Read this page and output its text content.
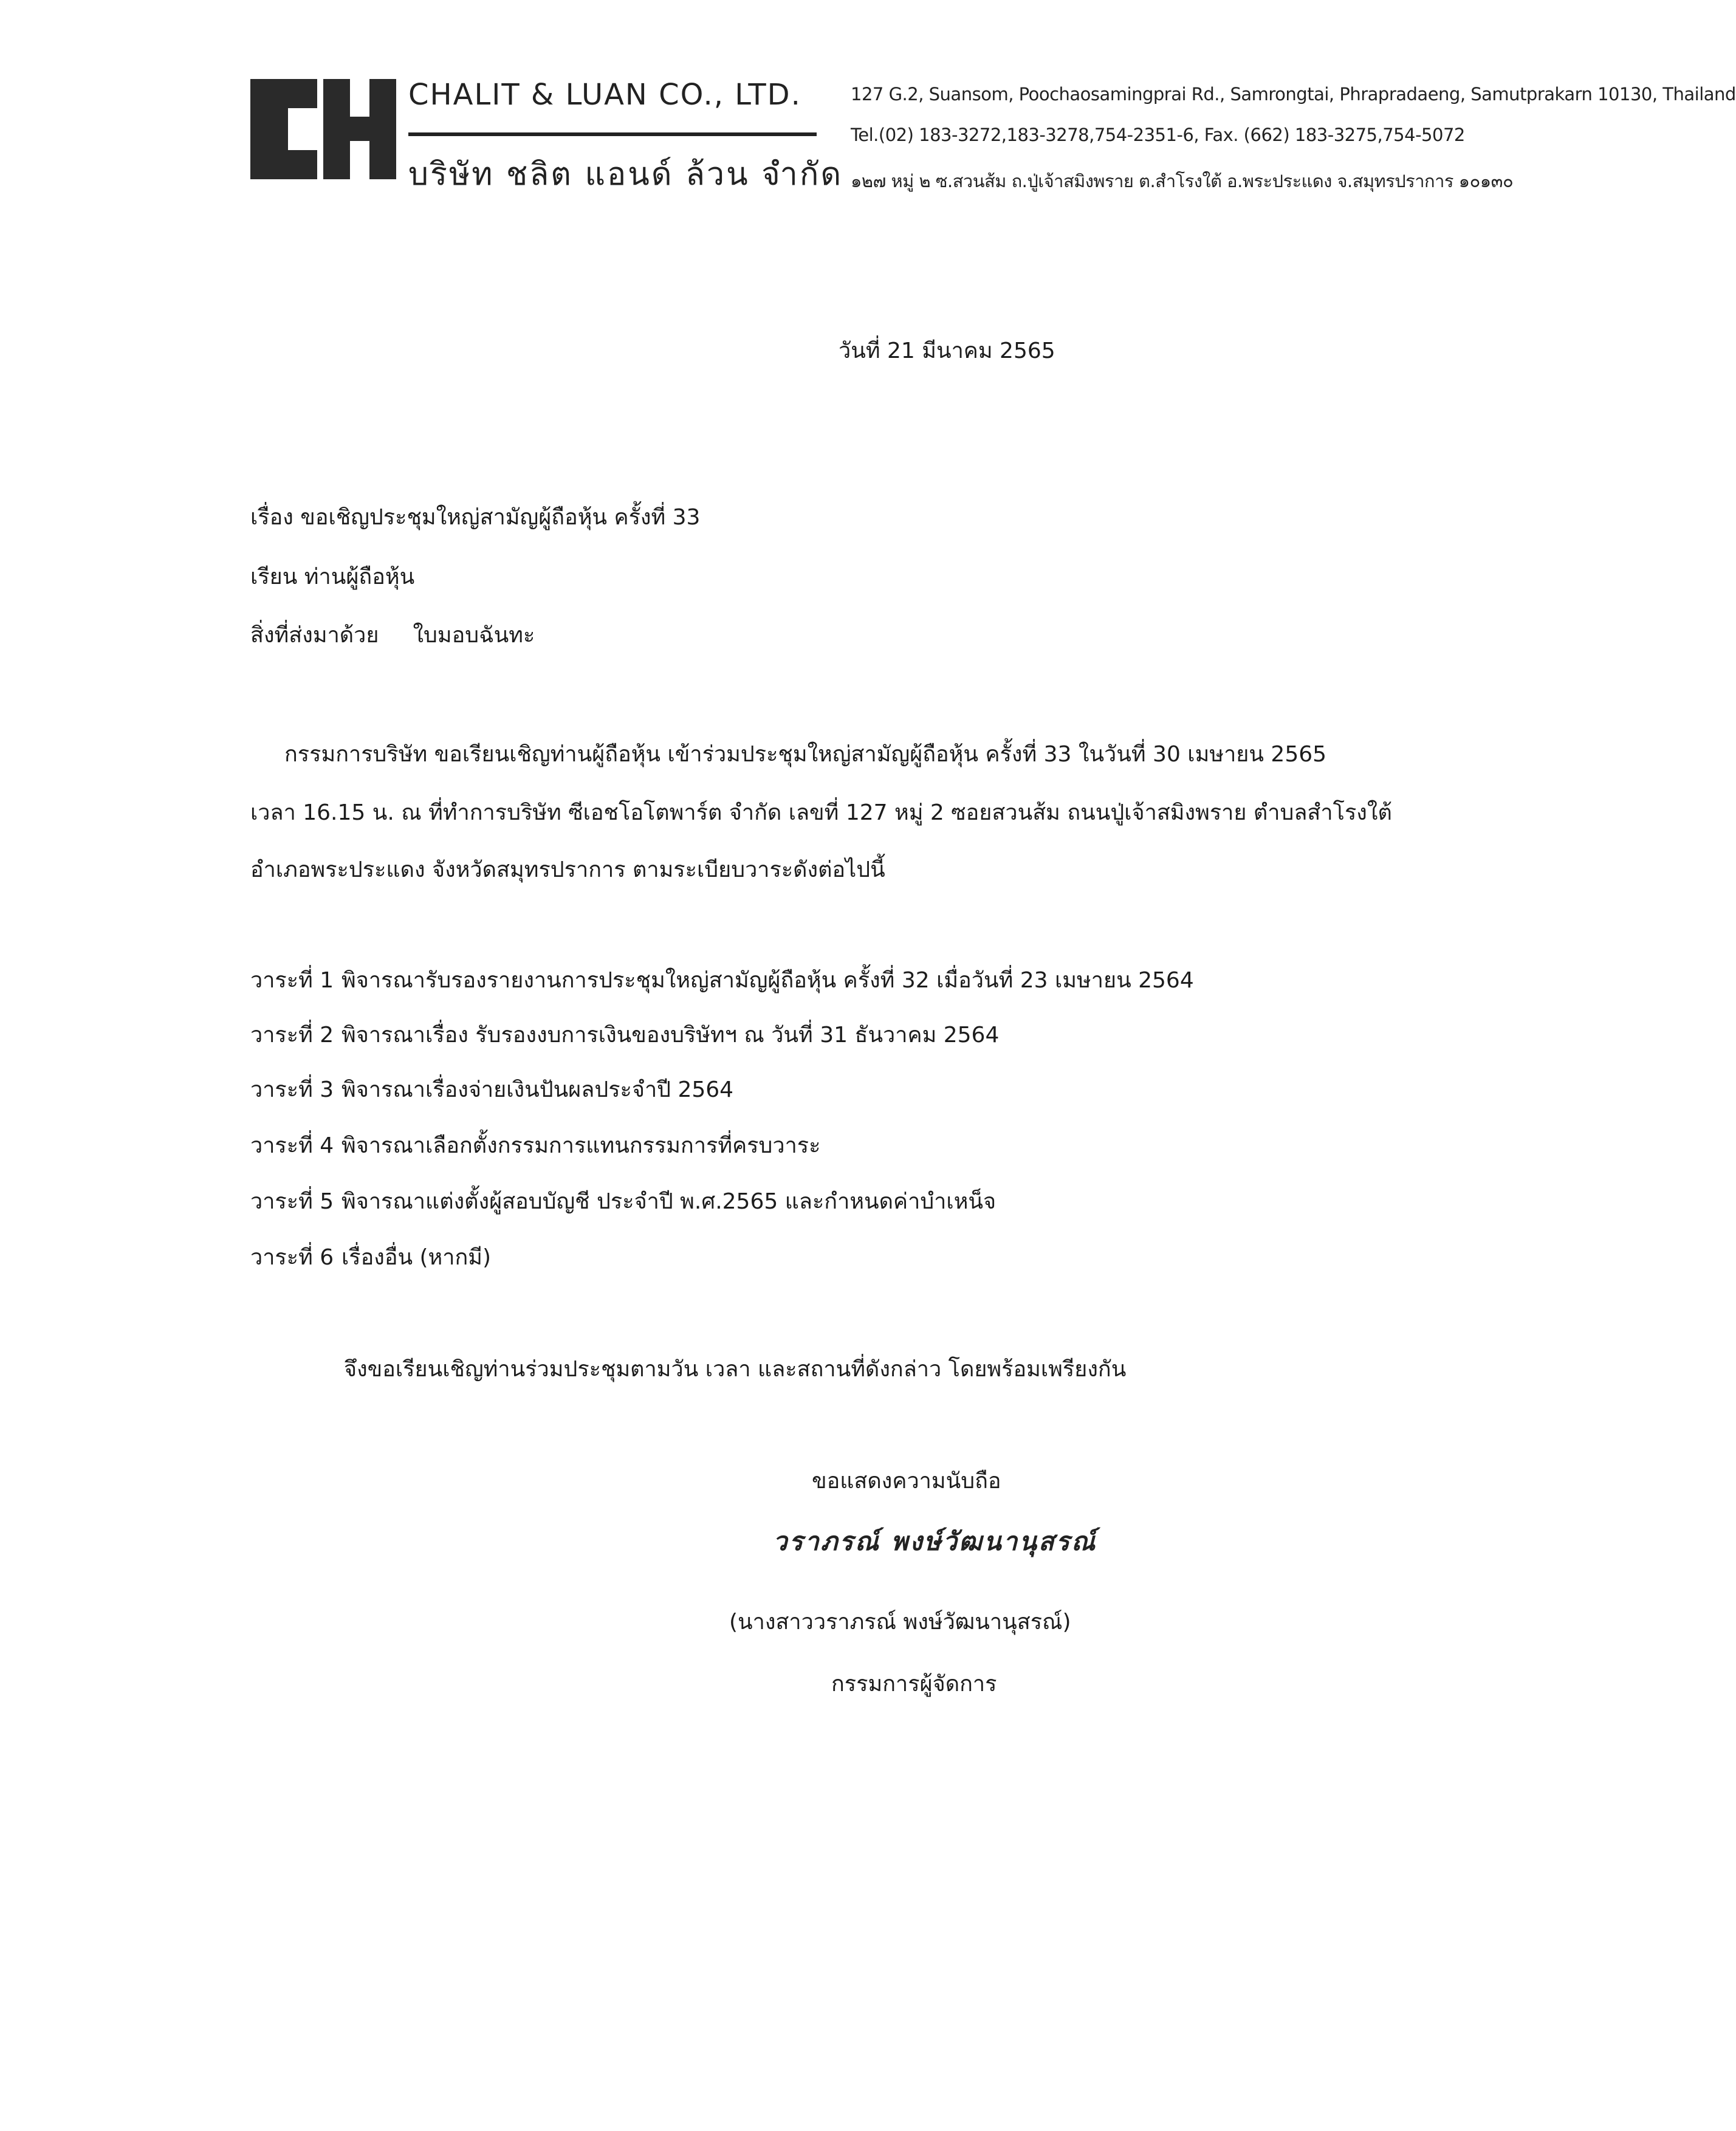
CHALIT & LUAN CO., LTD.
บริษัท ชลิต แอนด์ ล้วน จำกัด
127 G.2, Suansom, Poochaosamingprai Rd., Samrongtai, Phrapradaeng, Samutprakarn 10130, Thailand
Tel.(02) 183-3272,183-3278,754-2351-6, Fax. (662) 183-3275,754-5072
๑๒๗ หมู่ ๒ ซ.สวนส้ม ถ.ปู่เจ้าสมิงพราย ต.สำโรงใต้ อ.พระประแดง จ.สมุทรปราการ ๑๐๑๓๐
วันที่ 21 มีนาคม 2565
เรื่อง ขอเชิญประชุมใหญ่สามัญผู้ถือหุ้น ครั้งที่ 33
เรียน ท่านผู้ถือหุ้น
สิ่งที่ส่งมาด้วย ใบมอบฉันทะ
กรรมการบริษัท ขอเรียนเชิญท่านผู้ถือหุ้น เข้าร่วมประชุมใหญ่สามัญผู้ถือหุ้น ครั้งที่ 33 ในวันที่ 30 เมษายน 2565
เวลา 16.15 น. ณ ที่ทำการบริษัท ซีเอชโอโตพาร์ต จำกัด เลขที่ 127 หมู่ 2 ซอยสวนส้ม ถนนปู่เจ้าสมิงพราย ตำบลสำโรงใต้
อำเภอพระประแดง จังหวัดสมุทรปราการ ตามระเบียบวาระดังต่อไปนี้
วาระที่ 1 พิจารณารับรองรายงานการประชุมใหญ่สามัญผู้ถือหุ้น ครั้งที่ 32 เมื่อวันที่ 23 เมษายน 2564
วาระที่ 2 พิจารณาเรื่อง รับรองงบการเงินของบริษัทฯ ณ วันที่ 31 ธันวาคม 2564
วาระที่ 3 พิจารณาเรื่องจ่ายเงินปันผลประจำปี 2564
วาระที่ 4 พิจารณาเลือกตั้งกรรมการแทนกรรมการที่ครบวาระ
วาระที่ 5 พิจารณาแต่งตั้งผู้สอบบัญชี ประจำปี พ.ศ.2565 และกำหนดค่าบำเหน็จ
วาระที่ 6 เรื่องอื่น (หากมี)
จึงขอเรียนเชิญท่านร่วมประชุมตามวัน เวลา และสถานที่ดังกล่าว โดยพร้อมเพรียงกัน
ขอแสดงความนับถือ
วราภรณ์ พงษ์วัฒนานุสรณ์
(นางสาววราภรณ์ พงษ์วัฒนานุสรณ์)
กรรมการผู้จัดการ
